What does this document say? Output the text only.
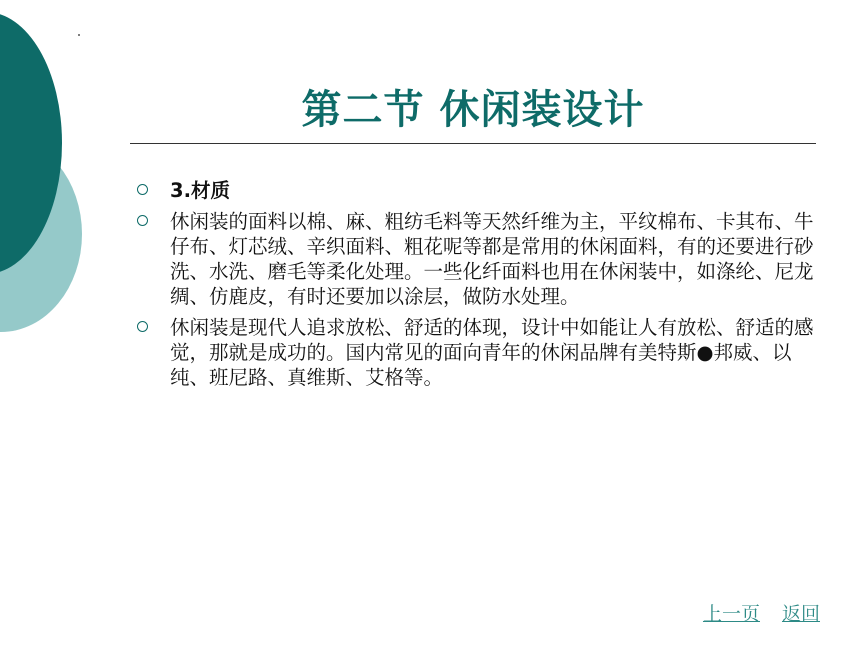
第二节 休闲装设计
3.材质
休闲装的面料以棉、麻、粗纺毛料等天然纤维为主，平纹棉布、卡其布、牛仔布、灯芯绒、辛织面料、粗花呢等都是常用的休闲面料，有的还要进行砂洗、水洗、磨毛等柔化处理。一些化纤面料也用在休闲装中，如涤纶、尼龙绸、仿鹿皮，有时还要加以涂层，做防水处理。
休闲装是现代人追求放松、舒适的体现，设计中如能让人有放松、舒适的感觉，那就是成功的。国内常见的面向青年的休闲品牌有美特斯●邦威、以纯、班尼路、真维斯、艾格等。
上一页 返回
